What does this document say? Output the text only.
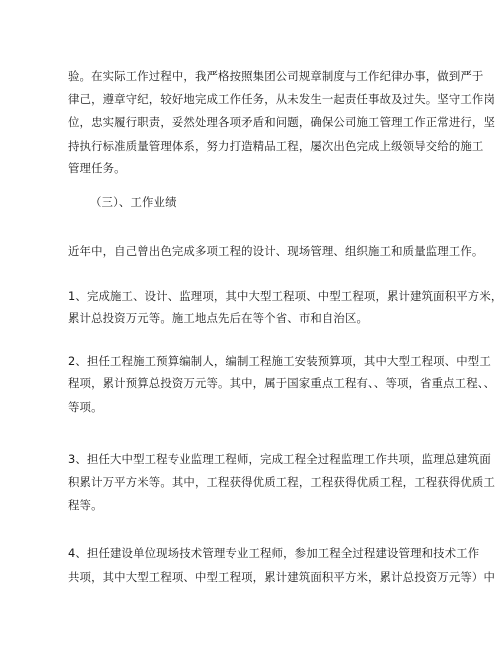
验。在实际工作过程中，我严格按照集团公司规章制度与工作纪律办事，做到严于
律己，遵章守纪，较好地完成工作任务，从未发生一起责任事故及过失。坚守工作岗
位，忠实履行职责，妥然处理各项矛盾和问题，确保公司施工管理工作正常进行，坚
持执行标准质量管理体系，努力打造精品工程，屡次出色完成上级领导交给的施工
管理任务。
（三）、工作业绩
近年中，自己曾出色完成多项工程的设计、现场管理、组织施工和质量监理工作。
1、完成施工、设计、监理项，其中大型工程项、中型工程项，累计建筑面积平方米，
累计总投资万元等。施工地点先后在等个省、市和自治区。
2、担任工程施工预算编制人，编制工程施工安装预算项，其中大型工程项、中型工
程项，累计预算总投资万元等。其中，属于国家重点工程有、、等项，省重点工程、、
等项。
3、担任大中型工程专业监理工程师，完成工程全过程监理工作共项，监理总建筑面
积累计万平方米等。其中，工程获得优质工程，工程获得优质工程，工程获得优质工
程等。
4、担任建设单位现场技术管理专业工程师，参加工程全过程建设管理和技术工作
共项，其中大型工程项、中型工程项，累计建筑面积平方米，累计总投资万元等）中
